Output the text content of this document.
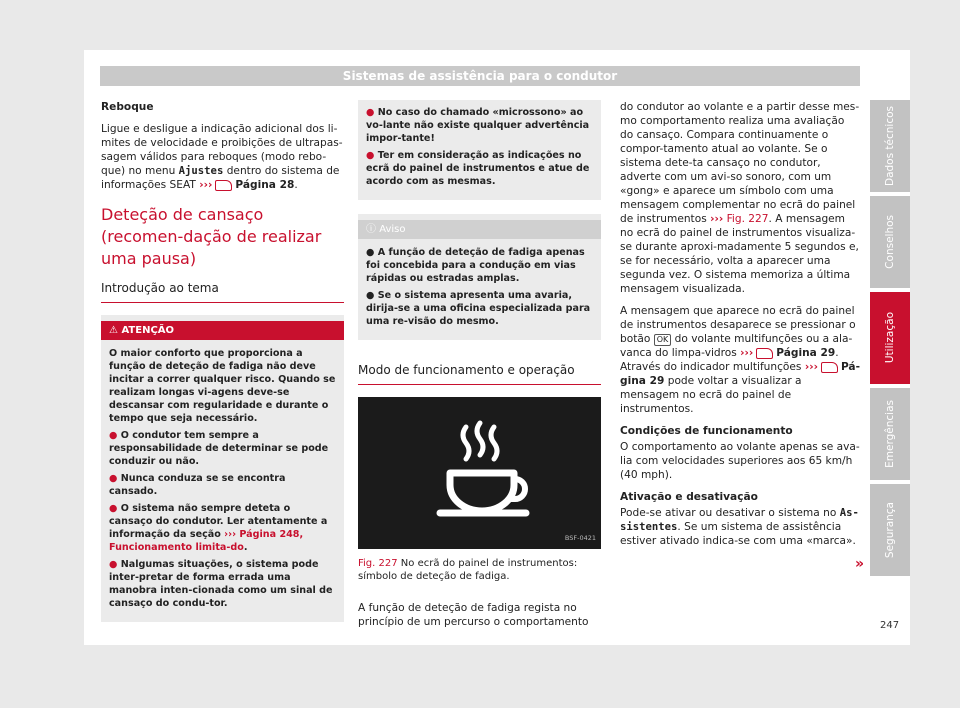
Sistemas de assistência para o condutor

Reboque

Ligue e desligue a indicação adicional dos li-mites de velocidade e proibições de ultrapas-sagem válidos para reboques (modo rebo-que) no menu Ajustes dentro do sistema de informações SEAT ››› Página 28.

Deteção de cansaço (recomen-dação de realizar uma pausa)
Introdução ao tema
⚠ ATENÇÃO

O maior conforto que proporciona a função de deteção de fadiga não deve incitar a correr qualquer risco. Quando se realizam longas vi-agens deve-se descansar com regularidade e durante o tempo que seja necessário.

● O condutor tem sempre a responsabilidade de determinar se pode conduzir ou não.

● Nunca conduza se se encontra cansado.

● O sistema não sempre deteta o cansaço do condutor. Ler atentamente a informação da seção ››› Página 248, Funcionamento limita-do.

● Nalgumas situações, o sistema pode inter-pretar de forma errada uma manobra inten-cionada como um sinal de cansaço do condu-tor.

● No caso do chamado «microssono» ao vo-lante não existe qualquer advertência impor-tante!

● Ter em consideração as indicações no ecrã do painel de instrumentos e atue de acordo com as mesmas.

ⓘ Aviso

● A função de deteção de fadiga apenas foi concebida para a condução em vias rápidas ou estradas amplas.

● Se o sistema apresenta uma avaria, dirija-se a uma oficina especializada para uma re-visão do mesmo.

Modo de funcionamento e operação
BSF-0421
Fig. 227 No ecrã do painel de instrumentos: símbolo de deteção de fadiga.

A função de deteção de fadiga regista no princípio de um percurso o comportamento

do condutor ao volante e a partir desse mes-mo comportamento realiza uma avaliação do cansaço. Compara continuamente o compor-tamento atual ao volante. Se o sistema dete-ta cansaço no condutor, adverte com um avi-so sonoro, com um «gong» e aparece um símbolo com uma mensagem complementar no ecrã do painel de instrumentos ››› Fig. 227. A mensagem no ecrã do painel de instrumentos visualiza-se durante aproxi-madamente 5 segundos e, se for necessário, volta a aparecer uma segunda vez. O sistema memoriza a última mensagem visualizada.

A mensagem que aparece no ecrã do painel de instrumentos desaparece se pressionar o botão OK do volante multifunções ou a ala-vanca do limpa-vidros ››› Página 29. Através do indicador multifunções ››› Pá-gina 29 pode voltar a visualizar a mensagem no ecrã do painel de instrumentos.

Condições de funcionamento

O comportamento ao volante apenas se ava-lia com velocidades superiores aos 65 km/h (40 mph).

Ativação e desativação

Pode-se ativar ou desativar o sistema no As-sistentes. Se um sistema de assistência estiver ativado indica-se com uma «marca».

»
Dados técnicos
Conselhos
Utilização
Emergências
Segurança
247
